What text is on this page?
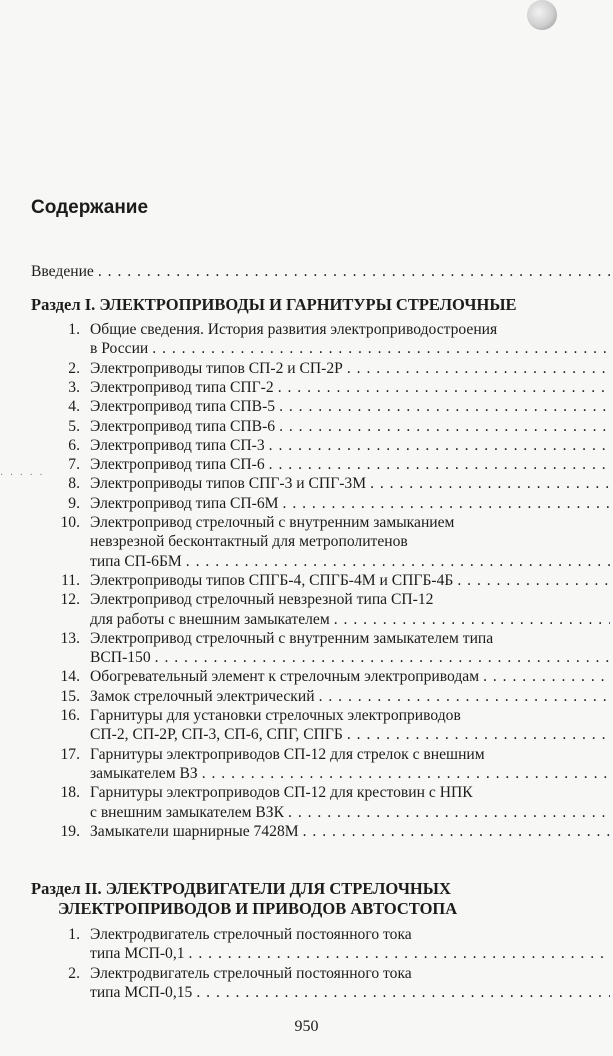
· · · · ·
Содержание
Введение . . .
Раздел I. ЭЛЕКТРОПРИВОДЫ И ГАРНИТУРЫ СТРЕЛОЧНЫЕ
1. Общие сведения. История развития электроприводостроения
в России . . .
2. Электроприводы типов СП-2 и СП-2Р . . .
3. Электропривод типа СПГ-2 . . .
4. Электропривод типа СПВ-5 . . .
5. Электропривод типа СПВ-6 . . .
6. Электропривод типа СП-3 . . .
7. Электропривод типа СП-6 . . .
8. Электроприводы типов СПГ-3 и СПГ-3М . . .
9. Электропривод типа СП-6М . . .
10. Электропривод стрелочный с внутренним замыканием
невзрезной бесконтактный для метрополитенов
типа СП-6БМ . . .
11. Электроприводы типов СПГБ-4, СПГБ-4М и СПГБ-4Б . . .
12. Электропривод стрелочный невзрезной типа СП-12
для работы с внешним замыкателем . . .
13. Электропривод стрелочный с внутренним замыкателем типа
ВСП-150 . . .
14. Обогревательный элемент к стрелочным электроприводам . . .
15. Замок стрелочный электрический . . .
16. Гарнитуры для установки стрелочных электроприводов
СП-2, СП-2Р, СП-3, СП-6, СПГ, СПГБ . . .
17. Гарнитуры электроприводов СП-12 для стрелок с внешним
замыкателем ВЗ . . .
18. Гарнитуры электроприводов СП-12 для крестовин с НПК
с внешним замыкателем ВЗК . . .
19. Замыкатели шарнирные 7428М . . .
Раздел II. ЭЛЕКТРОДВИГАТЕЛИ ДЛЯ СТРЕЛОЧНЫХ
ЭЛЕКТРОПРИВОДОВ И ПРИВОДОВ АВТОСТОПА
1. Электродвигатель стрелочный постоянного тока
типа МСП-0,1 . . .
2. Электродвигатель стрелочный постоянного тока
типа МСП-0,15 . . .
950
